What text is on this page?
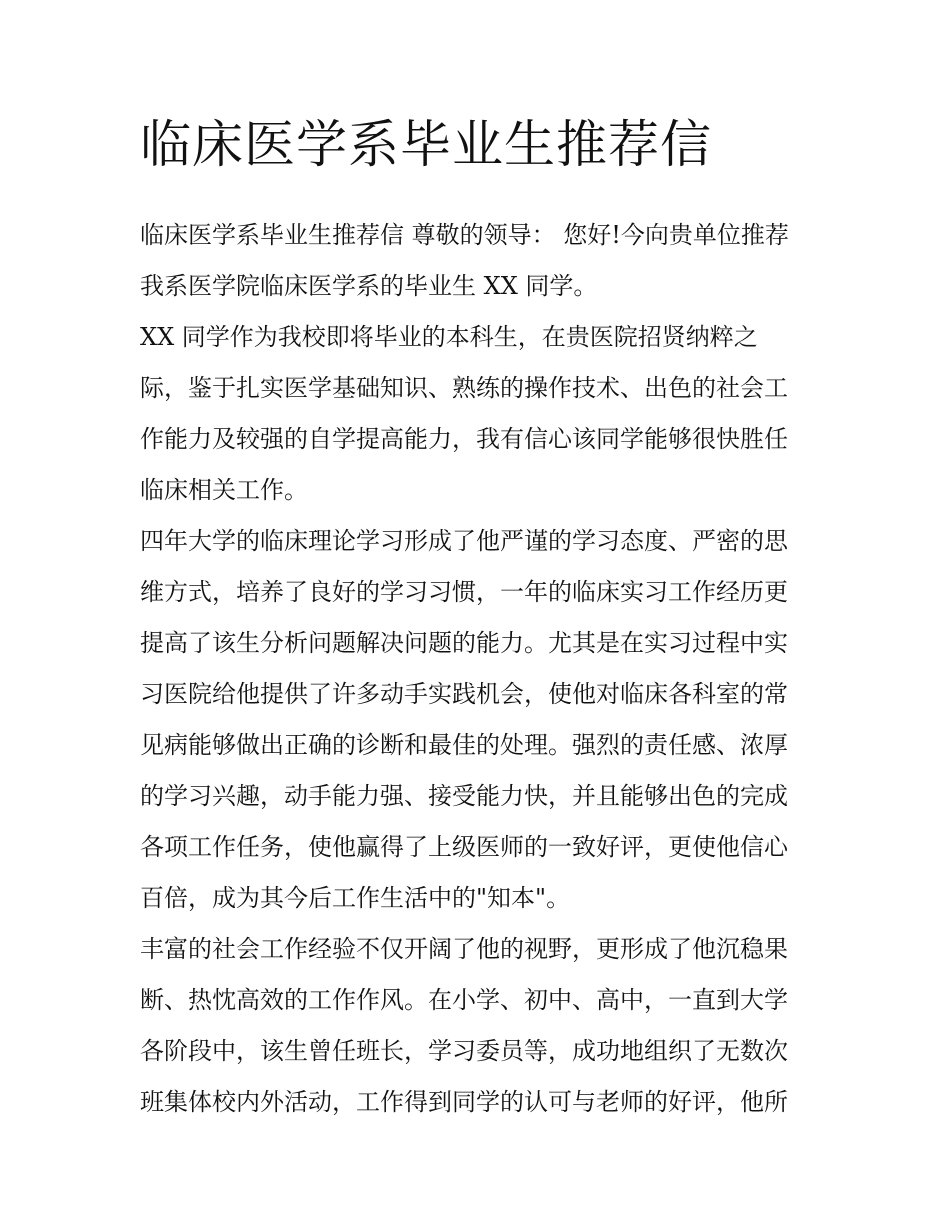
临床医学系毕业生推荐信

临床医学系毕业生推荐信 尊敬的领导： 您好!今向贵单位推荐
我系医学院临床医学系的毕业生 XX 同学。

XX 同学作为我校即将毕业的本科生，在贵医院招贤纳粹之
际，鉴于扎实医学基础知识、熟练的操作技术、出色的社会工
作能力及较强的自学提高能力，我有信心该同学能够很快胜任
临床相关工作。

四年大学的临床理论学习形成了他严谨的学习态度、严密的思
维方式，培养了良好的学习习惯，一年的临床实习工作经历更
提高了该生分析问题解决问题的能力。尤其是在实习过程中实
习医院给他提供了许多动手实践机会，使他对临床各科室的常
见病能够做出正确的诊断和最佳的处理。强烈的责任感、浓厚
的学习兴趣，动手能力强、接受能力快，并且能够出色的完成
各项工作任务，使他赢得了上级医师的一致好评，更使他信心
百倍，成为其今后工作生活中的"知本"。

丰富的社会工作经验不仅开阔了他的视野，更形成了他沉稳果
断、热忱高效的工作作风。在小学、初中、高中，一直到大学
各阶段中，该生曾任班长，学习委员等，成功地组织了无数次
班集体校内外活动，工作得到同学的认可与老师的好评，他所
